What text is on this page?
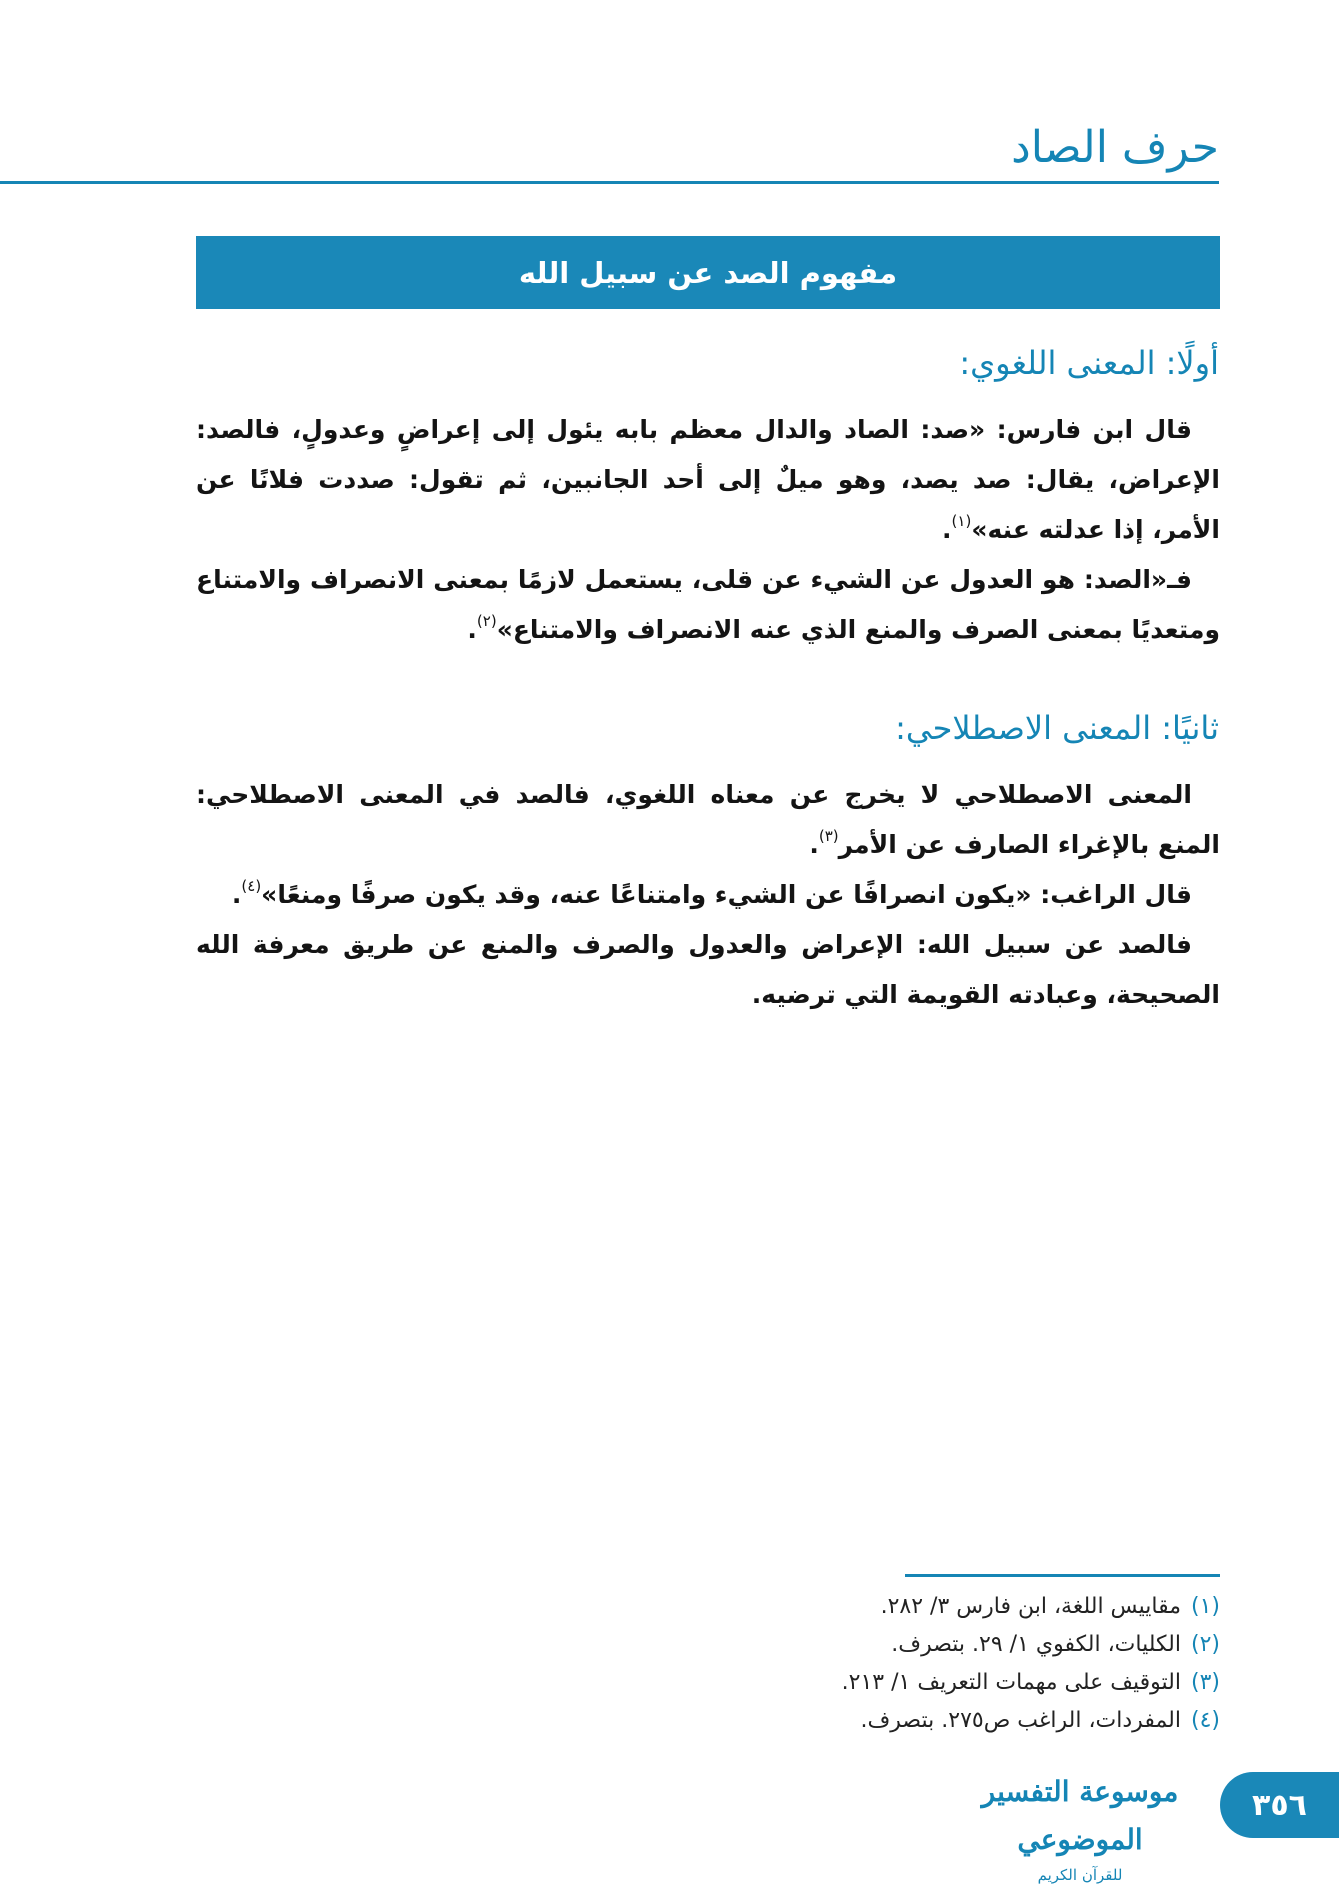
حرف الصاد
مفهوم الصد عن سبيل الله
أولًا: المعنى اللغوي:

قال ابن فارس: «صد: الصاد والدال معظم بابه يئول إلى إعراضٍ وعدولٍ، فالصد: الإعراض، يقال: صد يصد، وهو ميلٌ إلى أحد الجانبين، ثم تقول: صددت فلانًا عن الأمر، إذا عدلته عنه»$^{(١)}$.

فـ«الصد: هو العدول عن الشيء عن قلى، يستعمل لازمًا بمعنى الانصراف والامتناع ومتعديًا بمعنى الصرف والمنع الذي عنه الانصراف والامتناع»$^{(٢)}$.

ثانيًا: المعنى الاصطلاحي:

المعنى الاصطلاحي لا يخرج عن معناه اللغوي، فالصد في المعنى الاصطلاحي: المنع بالإغراء الصارف عن الأمر$^{(٣)}$.

قال الراغب: «يكون انصرافًا عن الشيء وامتناعًا عنه، وقد يكون صرفًا ومنعًا»$^{(٤)}$.

فالصد عن سبيل الله: الإعراض والعدول والصرف والمنع عن طريق معرفة الله الصحيحة، وعبادته القويمة التي ترضيه.

(١)مقاييس اللغة، ابن فارس ٣/ ٢٨٢.
(٢)الكليات، الكفوي ١/ ٢٩. بتصرف.
(٣)التوقيف على مهمات التعريف ١/ ٢١٣.
(٤)المفردات، الراغب ص٢٧٥. بتصرف.
موسوعة التفسير الموضوعي
للقرآن الكريم
٣٥٦
